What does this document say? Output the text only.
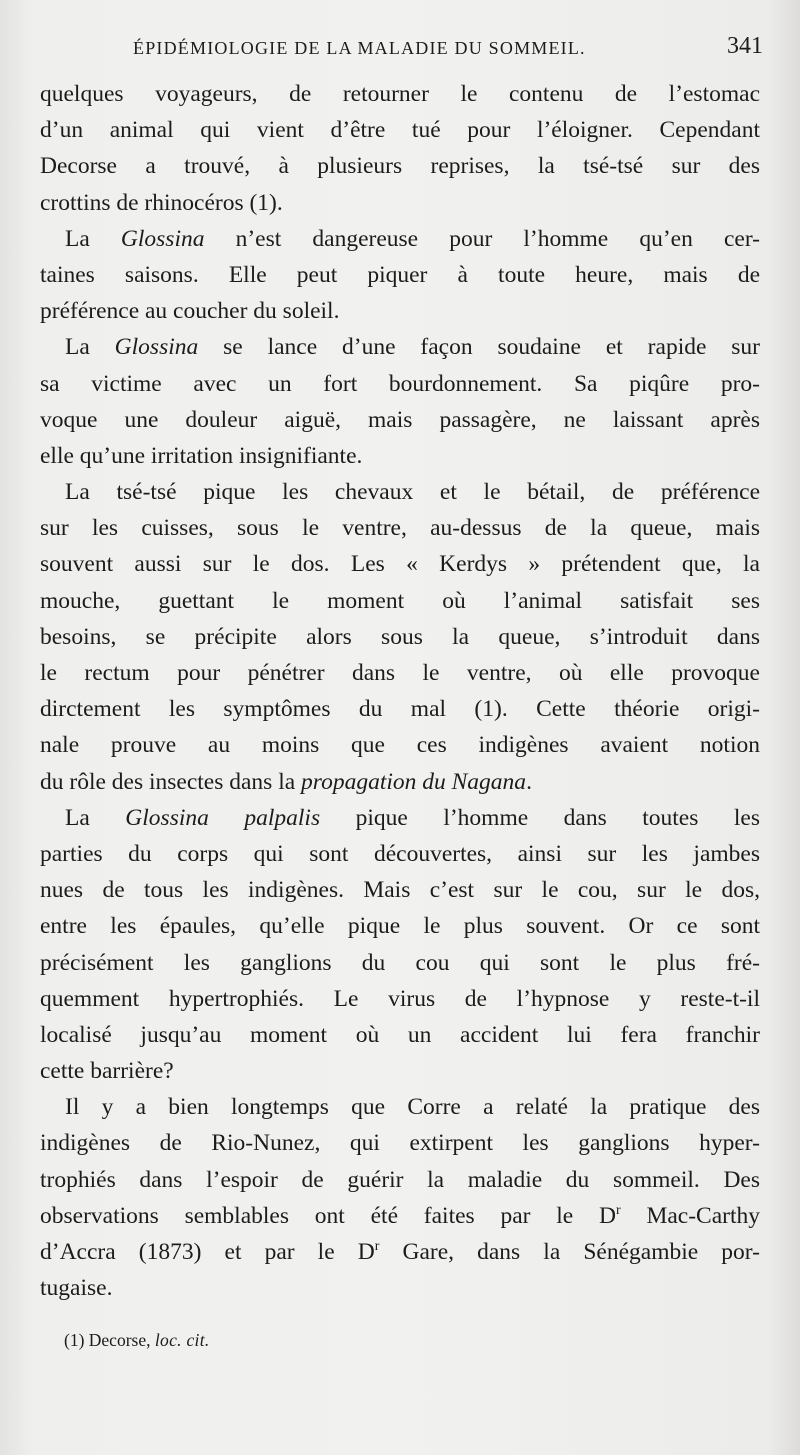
ÉPIDÉMIOLOGIE DE LA MALADIE DU SOMMEIL.	341
quelques voyageurs, de retourner le contenu de l’estomac
d’un animal qui vient d’être tué pour l’éloigner. Cependant
Decorse a trouvé, à plusieurs reprises, la tsé-tsé sur des
crottins de rhinocéros (1).
La Glossina n’est dangereuse pour l’homme qu’en cer-
taines saisons. Elle peut piquer à toute heure, mais de
préférence au coucher du soleil.
La Glossina se lance d’une façon soudaine et rapide sur
sa victime avec un fort bourdonnement. Sa piqûre pro-
voque une douleur aiguë, mais passagère, ne laissant après
elle qu’une irritation insignifiante.
La tsé-tsé pique les chevaux et le bétail, de préférence
sur les cuisses, sous le ventre, au-dessus de la queue, mais
souvent aussi sur le dos. Les « Kerdys » prétendent que, la
mouche, guettant le moment où l’animal satisfait ses
besoins, se précipite alors sous la queue, s’introduit dans
le rectum pour pénétrer dans le ventre, où elle provoque
dirctement les symptômes du mal (1). Cette théorie origi-
nale prouve au moins que ces indigènes avaient notion
du rôle des insectes dans la propagation du Nagana.
La Glossina palpalis pique l’homme dans toutes les
parties du corps qui sont découvertes, ainsi sur les jambes
nues de tous les indigènes. Mais c’est sur le cou, sur le dos,
entre les épaules, qu’elle pique le plus souvent. Or ce sont
précisément les ganglions du cou qui sont le plus fré-
quemment hypertrophiés. Le virus de l’hypnose y reste-t-il
localisé jusqu’au moment où un accident lui fera franchir
cette barrière?
Il y a bien longtemps que Corre a relaté la pratique des
indigènes de Rio-Nunez, qui extirpent les ganglions hyper-
trophiés dans l’espoir de guérir la maladie du sommeil. Des
observations semblables ont été faites par le $D^r$ Mac-Carthy
d’Accra (1873) et par le $D^r$ Gare, dans la Sénégambie por-
tugaise.
(1) Decorse, loc. cit.
